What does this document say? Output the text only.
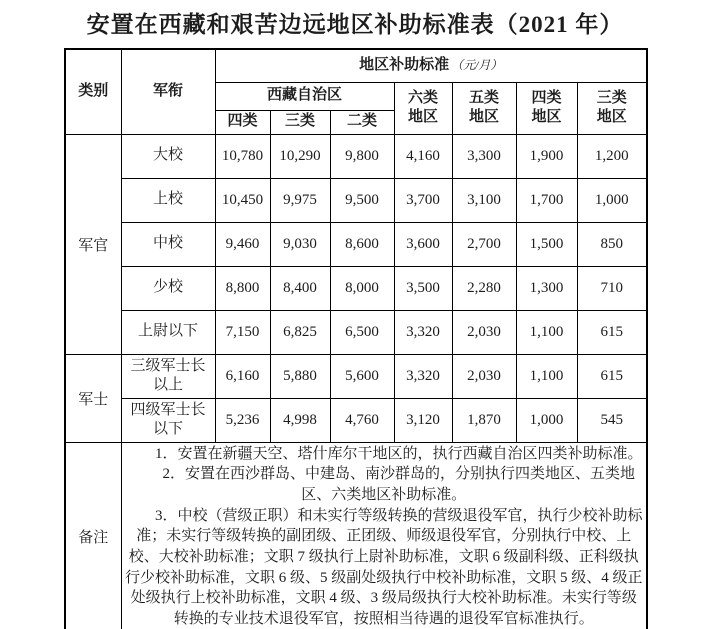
安置在西藏和艰苦边远地区补助标准表（2021 年）
类别	军衔	地区补助标准 （元/月）						
		西藏自治区			六类地区	五类地区	四类地区	三类地区
		四类	三类	二类				
军官	大校	10,780	10,290	9,800	4,160	3,300	1,900	1,200
	上校	10,450	9,975	9,500	3,700	3,100	1,700	1,000
	中校	9,460	9,030	8,600	3,600	2,700	1,500	850
	少校	8,800	8,400	8,000	3,500	2,280	1,300	710
	上尉以下	7,150	6,825	6,500	3,320	2,030	1,100	615
军士	三级军士长以上	6,160	5,880	5,600	3,320	2,030	1,100	615
	四级军士长以下	5,236	4,998	4,760	3,120	1,870	1,000	545
备注	1．安置在新疆天空、塔什库尔干地区的，执行西藏自治区四类补助标准。

2．安置在西沙群岛、中建岛、南沙群岛的，分别执行四类地区、五类地区、六类地区补助标准。

3．中校（营级正职）和未实行等级转换的营级退役军官，执行少校补助标准；未实行等级转换的副团级、正团级、师级退役军官，分别执行中校、上校、大校补助标准；文职 7 级执行上尉补助标准，文职 6 级副科级、正科级执行少校补助标准，文职 6 级、5 级副处级执行中校补助标准，文职 5 级、4 级正处级执行上校补助标准，文职 4 级、3 级局级执行大校补助标准。未实行等级转换的专业技术退役军官，按照相当待遇的退役军官标准执行。							
